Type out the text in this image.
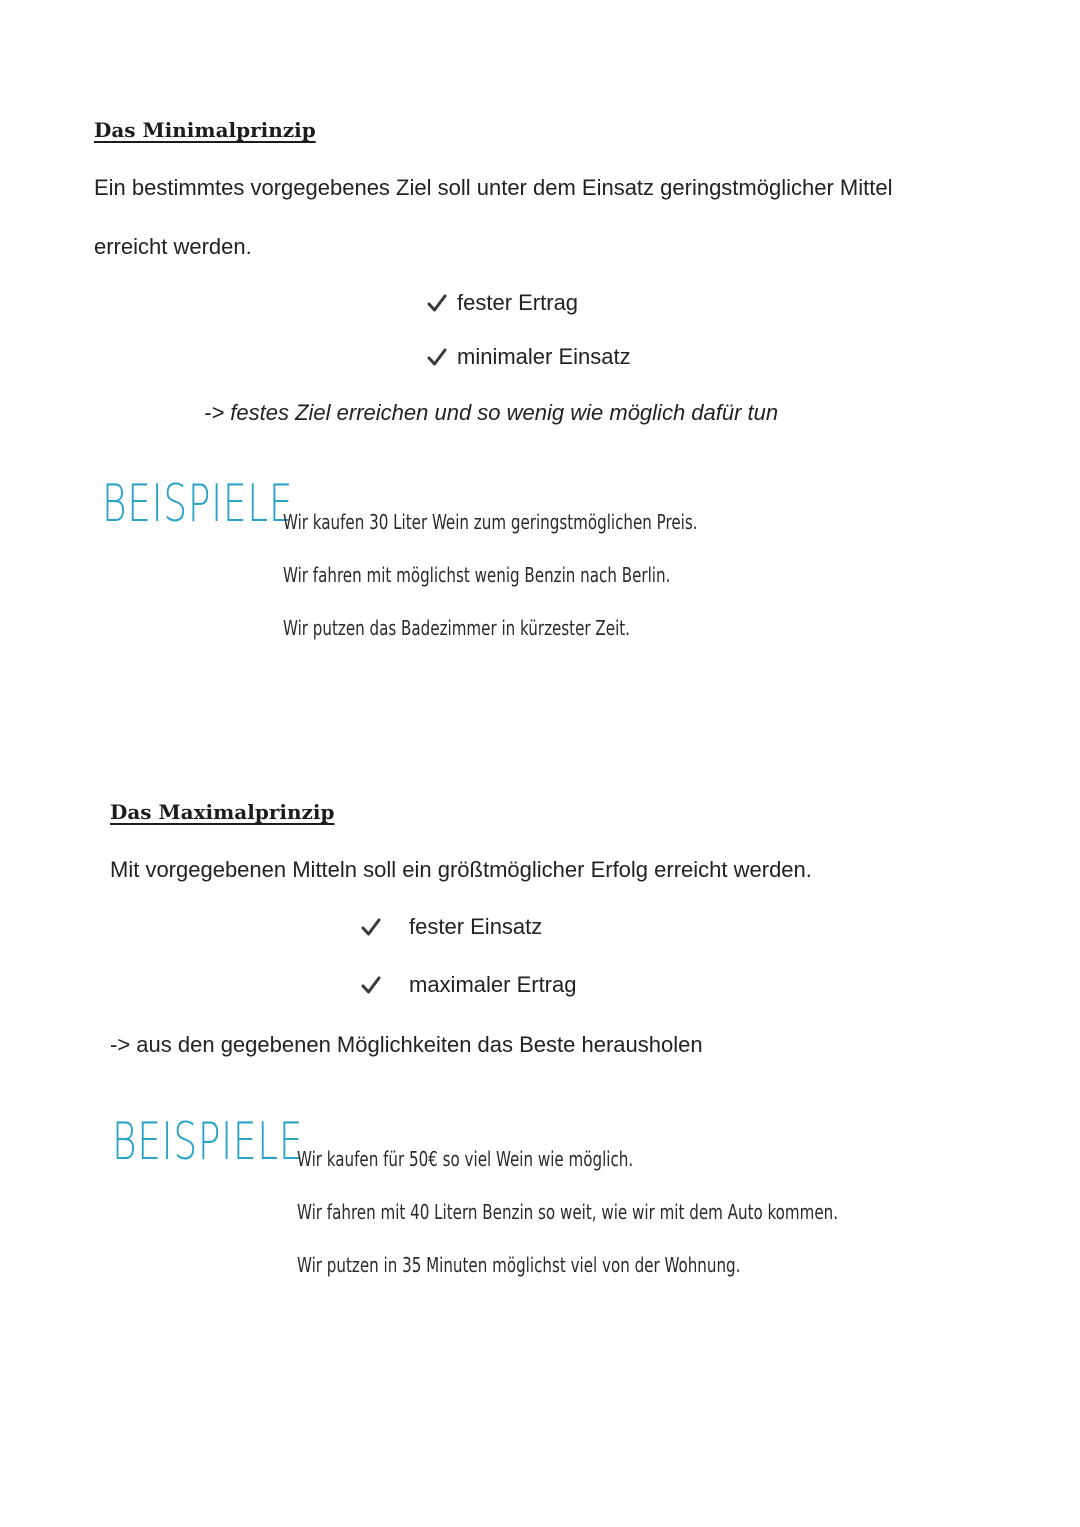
Das Minimalprinzip
Ein bestimmtes vorgegebenes Ziel soll unter dem Einsatz geringstmöglicher Mittel
erreicht werden.
fester Ertrag
minimaler Einsatz
-> festes Ziel erreichen und so wenig wie möglich dafür tun
BEISPIELE
Wir kaufen 30 Liter Wein zum geringstmöglichen Preis.
Wir fahren mit möglichst wenig Benzin nach Berlin.
Wir putzen das Badezimmer in kürzester Zeit.
Das Maximalprinzip
Mit vorgegebenen Mitteln soll ein größtmöglicher Erfolg erreicht werden.
fester Einsatz
maximaler Ertrag
-> aus den gegebenen Möglichkeiten das Beste herausholen
BEISPIELE
Wir kaufen für 50€ so viel Wein wie möglich.
Wir fahren mit 40 Litern Benzin so weit, wie wir mit dem Auto kommen.
Wir putzen in 35 Minuten möglichst viel von der Wohnung.
